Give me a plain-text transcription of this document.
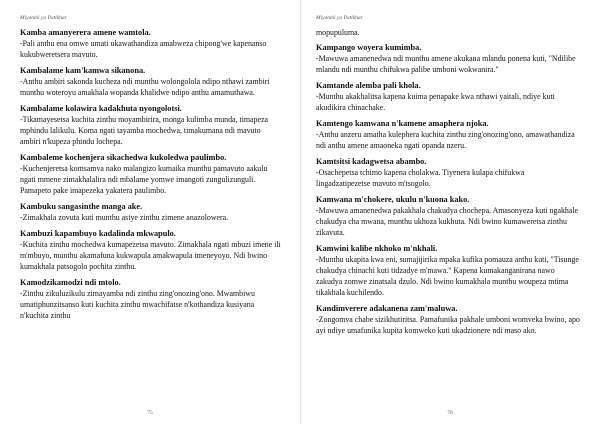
Miyambi ya Patikhar

Kamba amanyerera amene wamtola.

-Pali anthu ena omwe umati ukawathandiza amabweza chipong'we kapenanso kukubweretsera mavuto.

Kambalame kam'kamwa sikanona.

-Anthu ambiri sakonda kucheza ndi munthu wolongolola ndipo nthawi zambiri munthu woteroyu amakhala wopanda khalidwe ndipo anthu amamuthawa.

Kambalame kolawira kadakhuta nyongolotsi.

-Tikamayesetsa kuchita zinthu moyambirira, monga kulimba munda, timapeza mphindu lalikulu. Koma ngati tayamba mochedwa, timakumana ndi mavuto ambiri n'kupeza phindu lochepa.

Kambaleme kochenjera sikachedwa kukoledwa paulimbo.

-Kuchenjeretsa komsamva nako malangizo kumaika munthu pamavuto aakulu ngati mmene zimakhalalira ndi mbalame yomwe imangoti zungulizunguli. Pamapeto pake imapezeka yakatera paulimbo.

Kambuku sangasinthe manga ake.

-Zimakhala zovuta kuti munthu asiye zinthu zimene anazolowera.

Kambuzi kapambuyo kadalinda mkwapulo.

-Kuchita zinthu mochedwa kumapezetsa mavuto. Zimakhala ngati mbuzi imene ili m'mbuyo, munthu akamafuna kukwapula amakwapula imeneyoyo. Ndi bwino kumakhala patsogolo pochita zinthu.

Kamodzikamodzi ndi mtolo.

-Zinthu zikuluzikulu zimayamba ndi zinthu zing'onozing'ono. Mwambiwu umatiphunzitsanso kuti kuchita zinthu mwachifatse n'kothandiza kusiyana n'kuchita zinthu

75
Miyambi ya Patikhar

mopupuluma.

Kampango woyera kumimba.

-Mawuwa amanenedwa ndi munthu amene akukana mlandu ponena kuti, "Ndilibe mlandu ndi munthu chifukwa palibe umboni wokwanira."

Kamtande alemba pali khola.

-Munthu akakhalitsa kapena kuima penapake kwa nthawi yaitali, ndiye kuti akudikira chinachake.

Kamtengo kamwana n'kamene amaphera njoka.

-Anthu anzeru amatha kulephera kuchita zinthu zing'onozing'ono, amawathandiza ndi anthu amene amaoneka ngati opanda nzeru.

Kamtsitsi kadagwetsa abambo.

-Osachepetsa tchimo kapena cholakwa. Tiyenera kulapa chifukwa lingadzatipezetse mavuto m'tsogolo.

Kamwana m'chokere, ukulu n'kuona kako.

-Mawuwa amanenedwa pakakhala chakudya chochepa. Amasonyeza kuti ngakhale chakudya cha mwana, munthu ukhoza kukhuta. Ndi bwino kumaweretsa zinthu zikavuta.

Kamwini kalibe nkhoko m'nkhali.

-Munthu ukapita kwa eni, sumajijirika mpaka kufika pomauza anthu kuti, "Tisunge chakudya chinachi kuti tidzadye m'mawa." Kapena kumakanganirana nawo zakudya zomwe zinatsala dzulo. Ndi bwino kumakhala munthu woupeza mtima tikakhala kuchilendo.

Kandimverere adakanena zam'maluwa.

-Zongomva chabe sizikhutiritsa. Pamafunika pakhale umboni womveka bwino, apo ayi ndiye umafunika kupita komweko kuti ukadzionere ndi maso ako.

76
